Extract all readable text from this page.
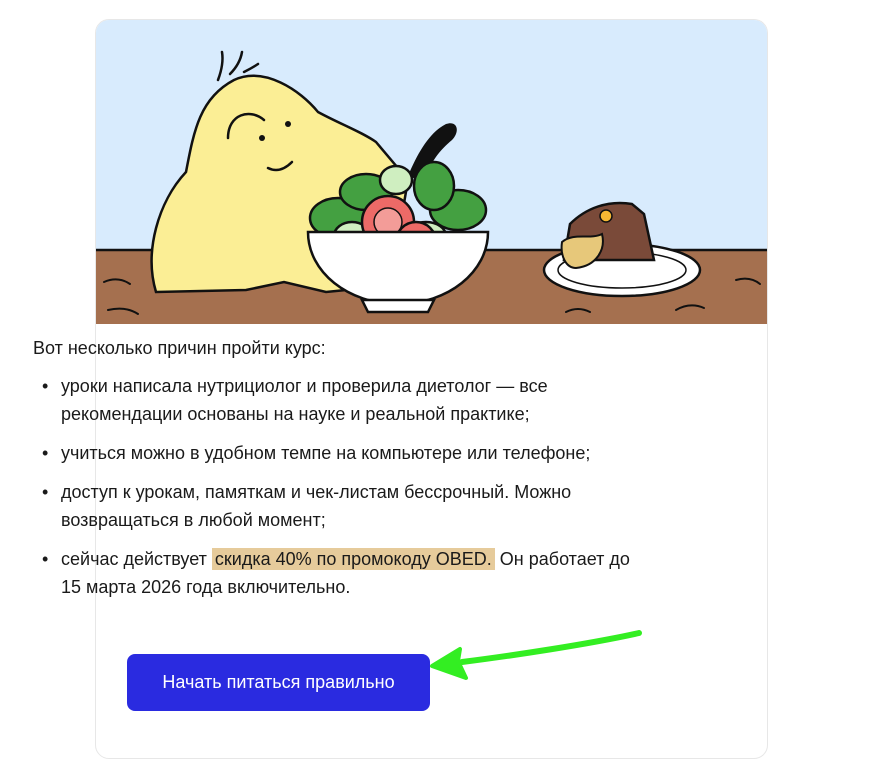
Вот несколько причин пройти курс:

• уроки написала нутрициолог и проверила диетолог — все рекомендации основаны на науке и реальной практике;
• учиться можно в удобном темпе на компьютере или телефоне;
• доступ к урокам, памяткам и чек-листам бессрочный. Можно возвращаться в любой момент;
• сейчас действует скидка 40% по промокоду OBED. Он работает до 15 марта 2026 года включительно.
Начать питаться правильно
